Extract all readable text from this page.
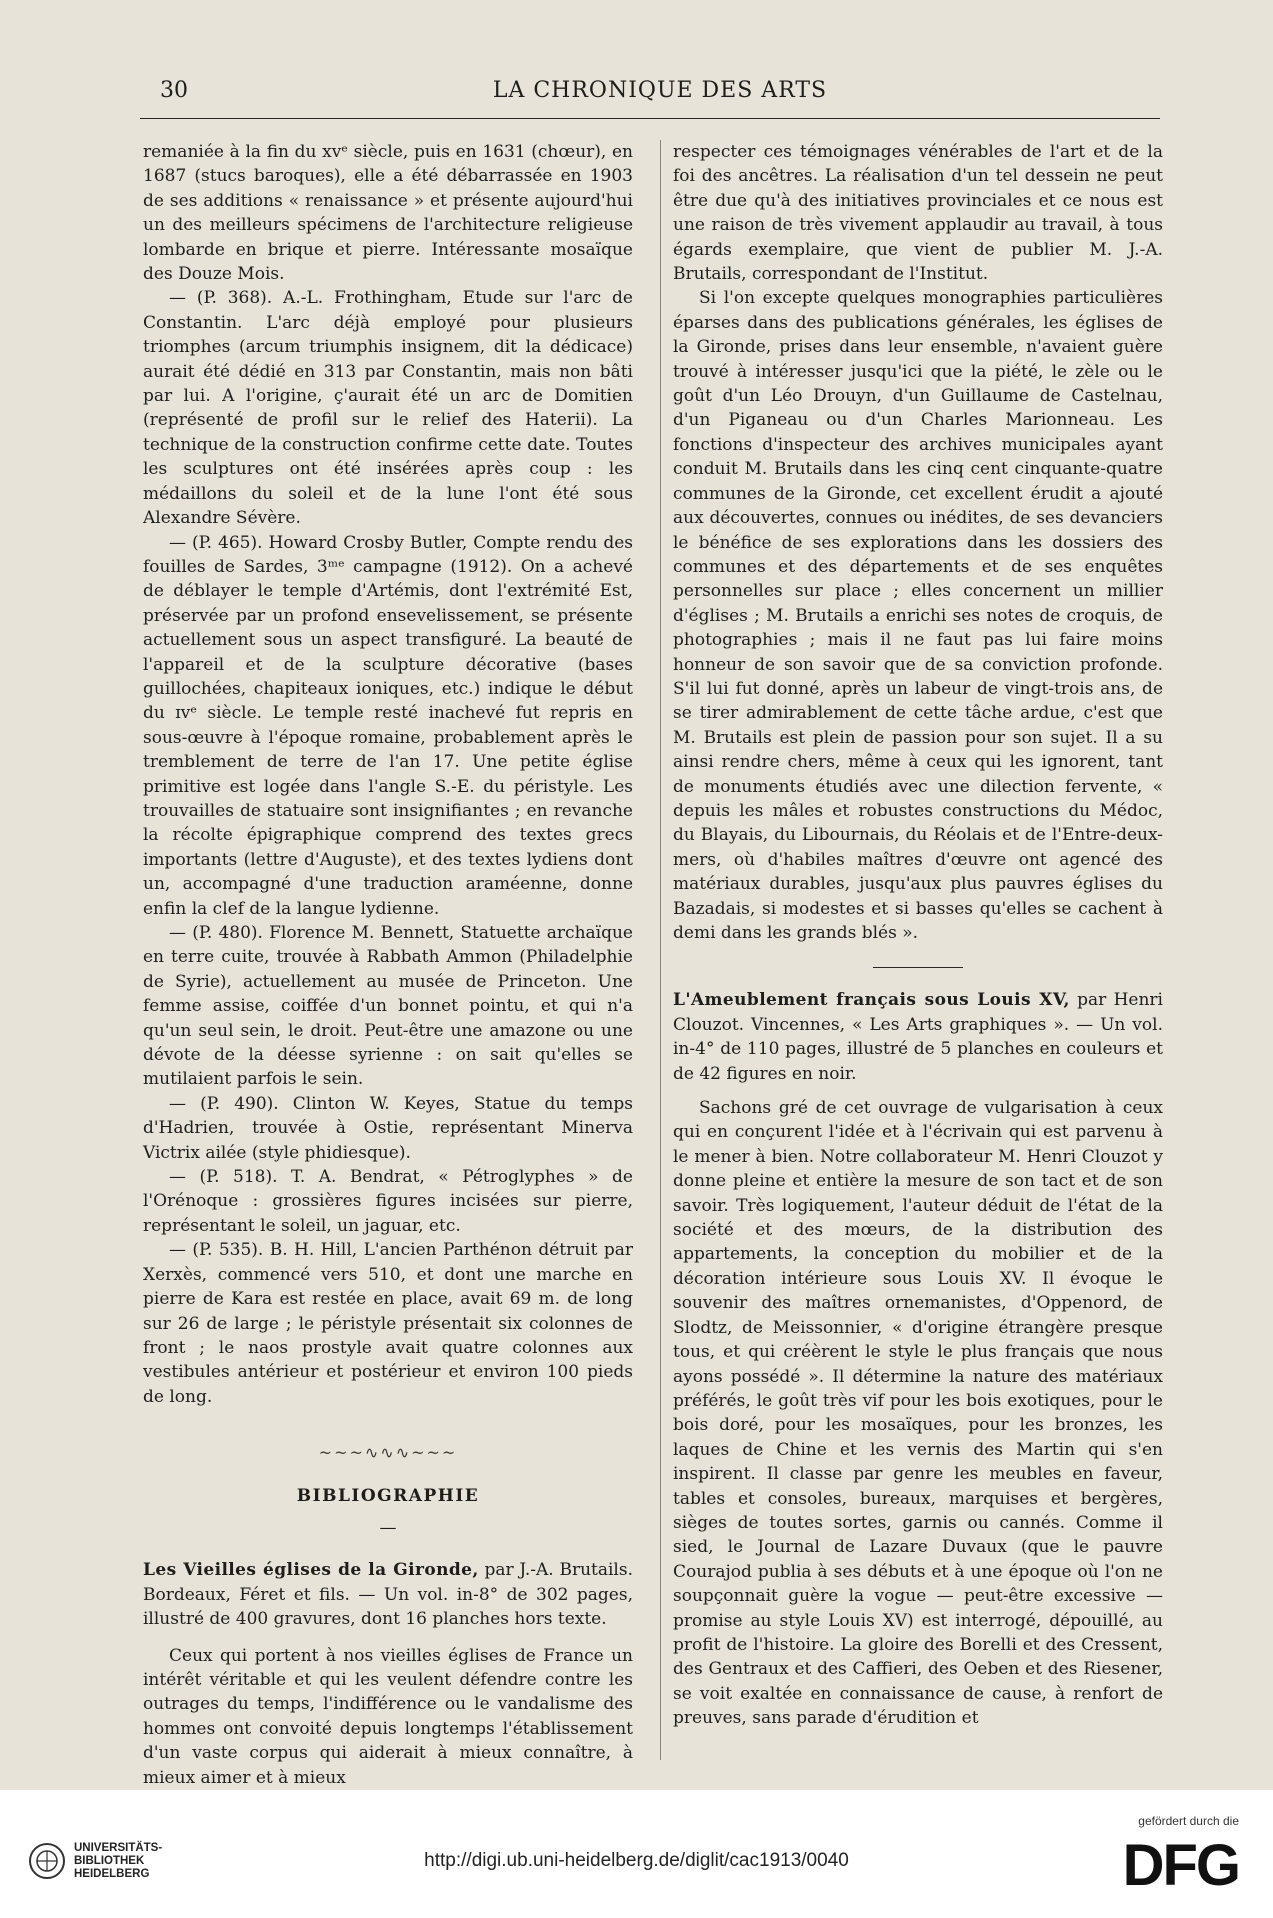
30	LA CHRONIQUE DES ARTS

remaniée à la fin du xvᵉ siècle, puis en 1631 (chœur), en 1687 (stucs baroques), elle a été débarrassée en 1903 de ses additions « renaissance » et présente aujourd'hui un des meilleurs spécimens de l'architecture religieuse lombarde en brique et pierre. Intéressante mosaïque des Douze Mois.

— (P. 368). A.-L. Frothingham, Etude sur l'arc de Constantin. L'arc déjà employé pour plusieurs triomphes (arcum triumphis insignem, dit la dédicace) aurait été dédié en 313 par Constantin, mais non bâti par lui. A l'origine, ç'aurait été un arc de Domitien (représenté de profil sur le relief des Haterii). La technique de la construction confirme cette date. Toutes les sculptures ont été insérées après coup : les médaillons du soleil et de la lune l'ont été sous Alexandre Sévère.

— (P. 465). Howard Crosby Butler, Compte rendu des fouilles de Sardes, 3ᵐᵉ campagne (1912). On a achevé de déblayer le temple d'Artémis, dont l'extrémité Est, préservée par un profond ensevelissement, se présente actuellement sous un aspect transfiguré. La beauté de l'appareil et de la sculpture décorative (bases guillochées, chapiteaux ioniques, etc.) indique le début du ɪvᵉ siècle. Le temple resté inachevé fut repris en sous-œuvre à l'époque romaine, probablement après le tremblement de terre de l'an 17. Une petite église primitive est logée dans l'angle S.-E. du péristyle. Les trouvailles de statuaire sont insignifiantes ; en revanche la récolte épigraphique comprend des textes grecs importants (lettre d'Auguste), et des textes lydiens dont un, accompagné d'une traduction araméenne, donne enfin la clef de la langue lydienne.

— (P. 480). Florence M. Bennett, Statuette archaïque en terre cuite, trouvée à Rabbath Ammon (Philadelphie de Syrie), actuellement au musée de Princeton. Une femme assise, coiffée d'un bonnet pointu, et qui n'a qu'un seul sein, le droit. Peut-être une amazone ou une dévote de la déesse syrienne : on sait qu'elles se mutilaient parfois le sein.

— (P. 490). Clinton W. Keyes, Statue du temps d'Hadrien, trouvée à Ostie, représentant Minerva Victrix ailée (style phidiesque).

— (P. 518). T. A. Bendrat, « Pétroglyphes » de l'Orénoque : grossières figures incisées sur pierre, représentant le soleil, un jaguar, etc.

— (P. 535). B. H. Hill, L'ancien Parthénon détruit par Xerxès, commencé vers 510, et dont une marche en pierre de Kara est restée en place, avait 69 m. de long sur 26 de large ; le péristyle présentait six colonnes de front ; le naos prostyle avait quatre colonnes aux vestibules antérieur et postérieur et environ 100 pieds de long.

~~~∿∿∿~~~
BIBLIOGRAPHIE
—

Les Vieilles églises de la Gironde, par J.-A. Brutails. Bordeaux, Féret et fils. — Un vol. in-8° de 302 pages, illustré de 400 gravures, dont 16 planches hors texte.

Ceux qui portent à nos vieilles églises de France un intérêt véritable et qui les veulent défendre contre les outrages du temps, l'indifférence ou le vandalisme des hommes ont convoité depuis longtemps l'établissement d'un vaste corpus qui aiderait à mieux connaître, à mieux aimer et à mieux

respecter ces témoignages vénérables de l'art et de la foi des ancêtres. La réalisation d'un tel dessein ne peut être due qu'à des initiatives provinciales et ce nous est une raison de très vivement applaudir au travail, à tous égards exemplaire, que vient de publier M. J.-A. Brutails, correspondant de l'Institut.

Si l'on excepte quelques monographies particulières éparses dans des publications générales, les églises de la Gironde, prises dans leur ensemble, n'avaient guère trouvé à intéresser jusqu'ici que la piété, le zèle ou le goût d'un Léo Drouyn, d'un Guillaume de Castelnau, d'un Piganeau ou d'un Charles Marionneau. Les fonctions d'inspecteur des archives municipales ayant conduit M. Brutails dans les cinq cent cinquante-quatre communes de la Gironde, cet excellent érudit a ajouté aux découvertes, connues ou inédites, de ses devanciers le bénéfice de ses explorations dans les dossiers des communes et des départements et de ses enquêtes personnelles sur place ; elles concernent un millier d'églises ; M. Brutails a enrichi ses notes de croquis, de photographies ; mais il ne faut pas lui faire moins honneur de son savoir que de sa conviction profonde. S'il lui fut donné, après un labeur de vingt-trois ans, de se tirer admirablement de cette tâche ardue, c'est que M. Brutails est plein de passion pour son sujet. Il a su ainsi rendre chers, même à ceux qui les ignorent, tant de monuments étudiés avec une dilection fervente, « depuis les mâles et robustes constructions du Médoc, du Blayais, du Libournais, du Réolais et de l'Entre-deux-mers, où d'habiles maîtres d'œuvre ont agencé des matériaux durables, jusqu'aux plus pauvres églises du Bazadais, si modestes et si basses qu'elles se cachent à demi dans les grands blés ».

L'Ameublement français sous Louis XV, par Henri Clouzot. Vincennes, « Les Arts graphiques ». — Un vol. in-4° de 110 pages, illustré de 5 planches en couleurs et de 42 figures en noir.

Sachons gré de cet ouvrage de vulgarisation à ceux qui en conçurent l'idée et à l'écrivain qui est parvenu à le mener à bien. Notre collaborateur M. Henri Clouzot y donne pleine et entière la mesure de son tact et de son savoir. Très logiquement, l'auteur déduit de l'état de la société et des mœurs, de la distribution des appartements, la conception du mobilier et de la décoration intérieure sous Louis XV. Il évoque le souvenir des maîtres ornemanistes, d'Oppenord, de Slodtz, de Meissonnier, « d'origine étrangère presque tous, et qui créèrent le style le plus français que nous ayons possédé ». Il détermine la nature des matériaux préférés, le goût très vif pour les bois exotiques, pour le bois doré, pour les mosaïques, pour les bronzes, les laques de Chine et les vernis des Martin qui s'en inspirent. Il classe par genre les meubles en faveur, tables et consoles, bureaux, marquises et bergères, sièges de toutes sortes, garnis ou cannés. Comme il sied, le Journal de Lazare Duvaux (que le pauvre Courajod publia à ses débuts et à une époque où l'on ne soupçonnait guère la vogue — peut-être excessive — promise au style Louis XV) est interrogé, dépouillé, au profit de l'histoire. La gloire des Borelli et des Cressent, des Gentraux et des Caffieri, des Oeben et des Riesener, se voit exaltée en connaissance de cause, à renfort de preuves, sans parade d'érudition et

UNIVERSITÄTS-
BIBLIOTHEK
HEIDELBERG
http://digi.ub.uni-heidelberg.de/diglit/cac1913/0040
gefördert durch die
DFG
